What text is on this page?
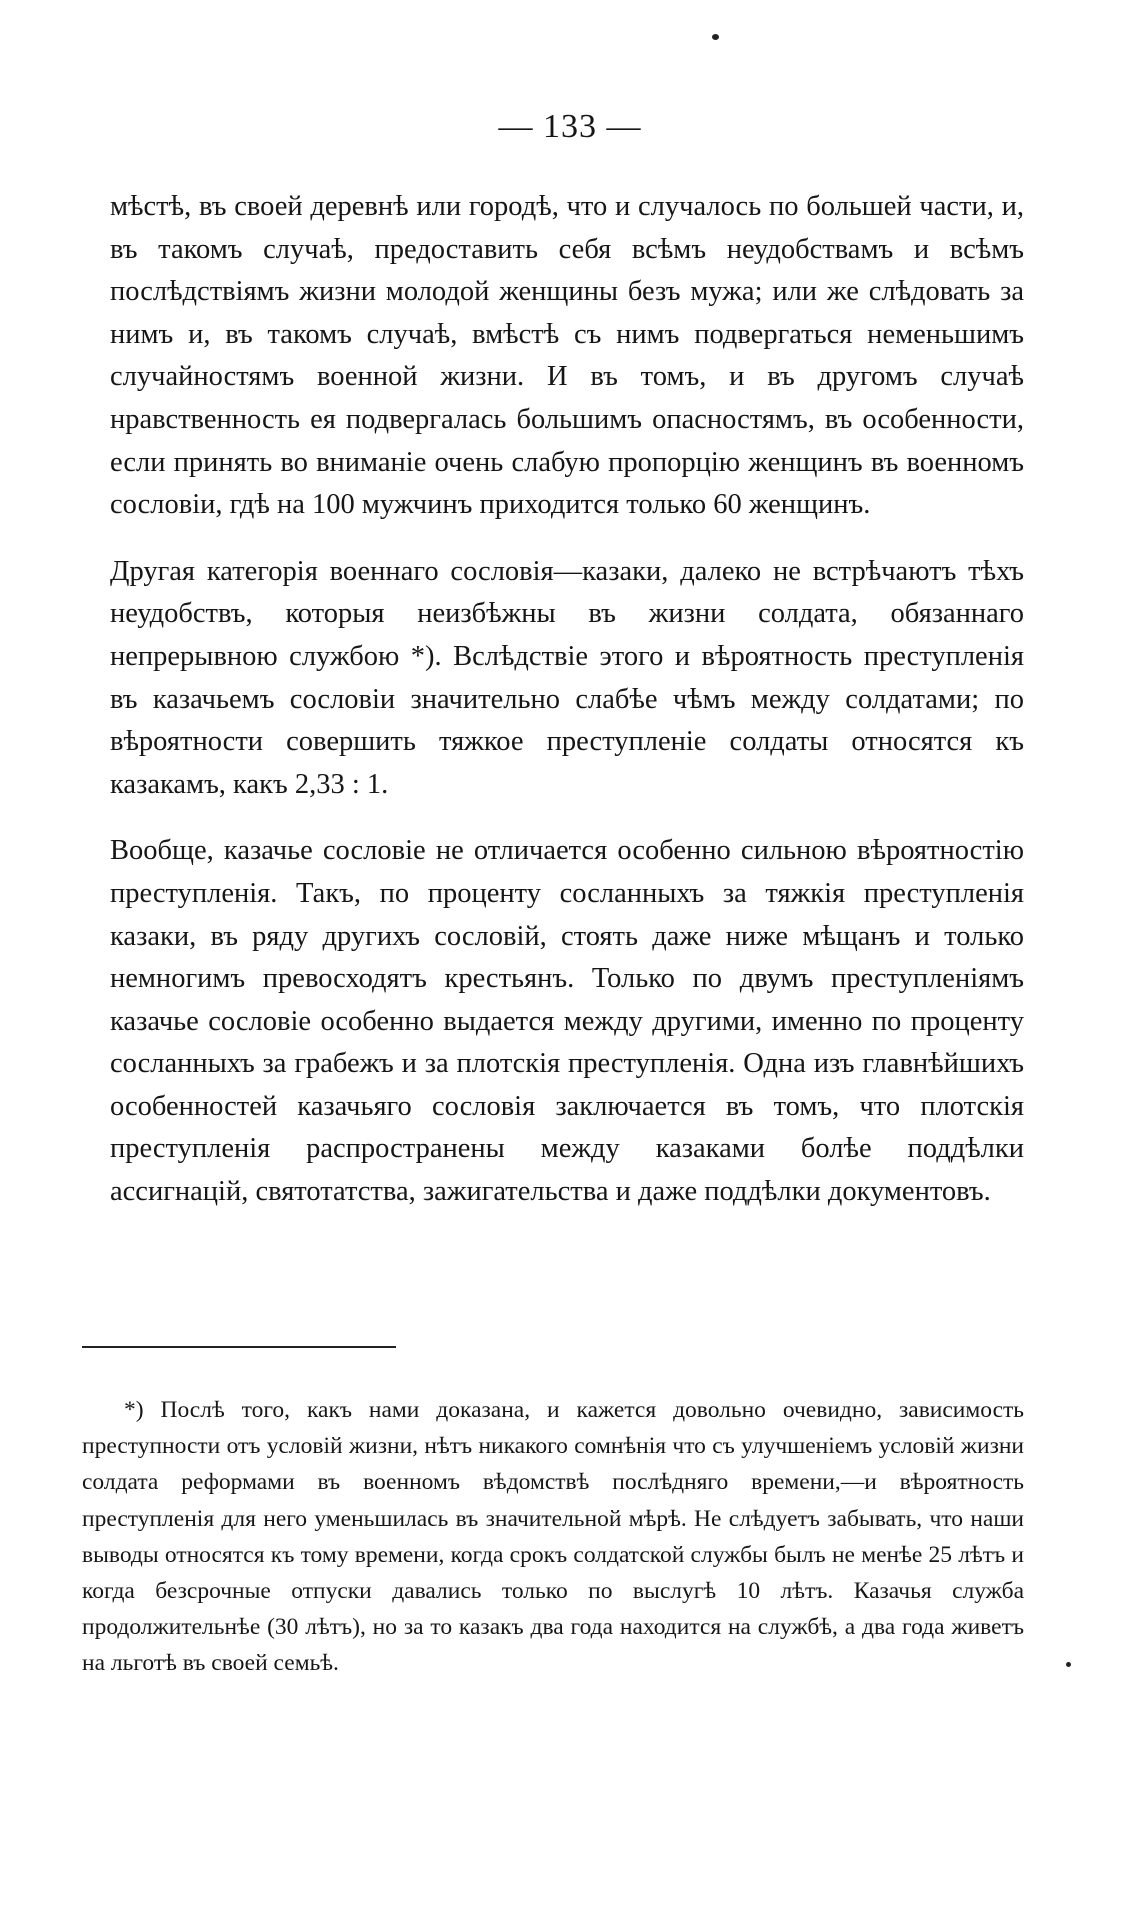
— 133 —

мѣстѣ, въ своей деревнѣ или городѣ, что и случалось по большей части, и, въ такомъ случаѣ, предоставить себя всѣмъ неудобствамъ и всѣмъ послѣдствіямъ жизни молодой женщины безъ мужа; или же слѣдовать за нимъ и, въ такомъ случаѣ, вмѣстѣ съ нимъ подвергаться неменьшимъ случайностямъ военной жизни. И въ томъ, и въ другомъ случаѣ нравственность ея подвергалась большимъ опасностямъ, въ особенности, если принять во вниманіе очень слабую пропорцію женщинъ въ военномъ сословіи, гдѣ на 100 мужчинъ приходится только 60 женщинъ.

Другая категорія военнаго сословія—казаки, далеко не встрѣчаютъ тѣхъ неудобствъ, которыя неизбѣжны въ жизни солдата, обязаннаго непрерывною службою *). Вслѣдствіе этого и вѣроятность преступленія въ казачьемъ сословіи значительно слабѣе чѣмъ между солдатами; по вѣроятности совершить тяжкое преступленіе солдаты относятся къ казакамъ, какъ 2,33 : 1.

Вообще, казачье сословіе не отличается особенно сильною вѣроятностію преступленія. Такъ, по проценту сосланныхъ за тяжкія преступленія казаки, въ ряду другихъ сословій, стоять даже ниже мѣщанъ и только немногимъ превосходятъ крестьянъ. Только по двумъ преступленіямъ казачье сословіе особенно выдается между другими, именно по проценту сосланныхъ за грабежъ и за плотскія преступленія. Одна изъ главнѣйшихъ особенностей казачьяго сословія заключается въ томъ, что плотскія преступленія распространены между казаками болѣе поддѣлки ассигнацій, святотатства, зажигательства и даже поддѣлки документовъ.

*) Послѣ того, какъ нами доказана, и кажется довольно очевидно, зависимость преступности отъ условій жизни, нѣтъ никакого сомнѣнія что съ улучшеніемъ условій жизни солдата реформами въ военномъ вѣдомствѣ послѣдняго времени,—и вѣроятность преступленія для него уменьшилась въ значительной мѣрѣ. Не слѣдуетъ забывать, что наши выводы относятся къ тому времени, когда срокъ солдатской службы былъ не менѣе 25 лѣтъ и когда безсрочные отпуски давались только по выслугѣ 10 лѣтъ. Казачья служба продолжительнѣе (30 лѣтъ), но за то казакъ два года находится на службѣ, а два года живетъ на льготѣ въ своей семьѣ.
